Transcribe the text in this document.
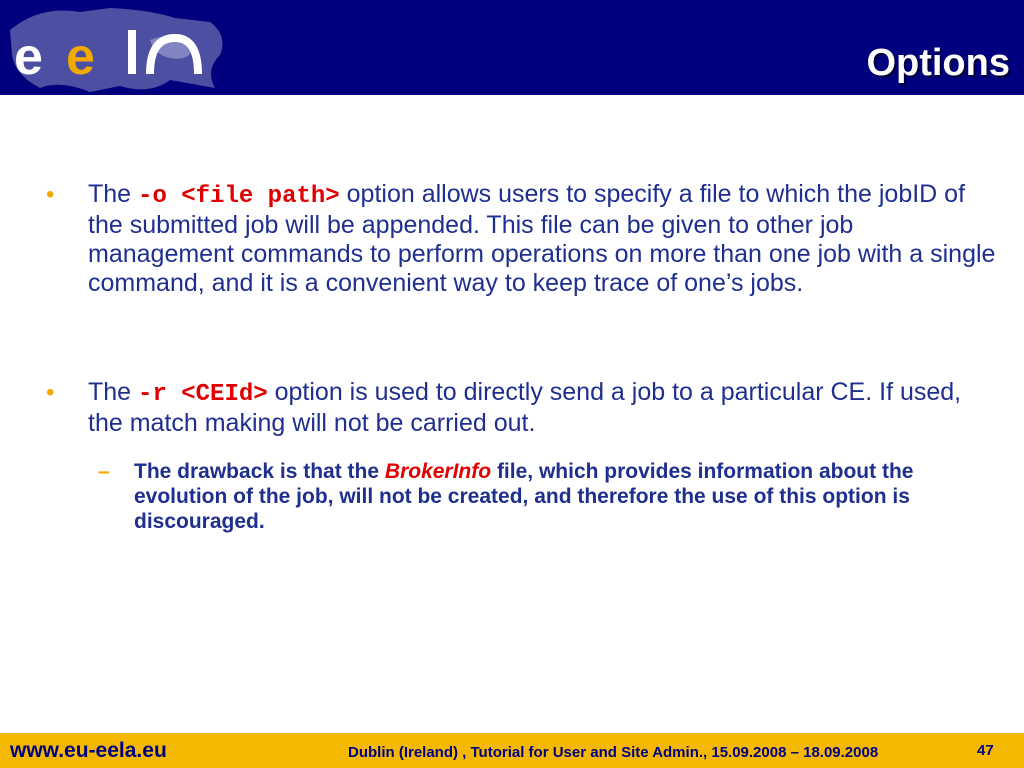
e e	Options

• The -o <file path> option allows users to specify a file to which the jobID of the submitted job will be appended. This file can be given to other job management commands to perform operations on more than one job with a single command, and it is a convenient way to keep trace of one’s jobs.

• The -r <CEId> option is used to directly send a job to a particular CE. If used, the match making will not be carried out.

– The drawback is that the BrokerInfo file, which provides information about the evolution of the job, will not be created, and therefore the use of this option is discouraged.

www.eu-eela.eu	Dublin (Ireland) , Tutorial for User and Site Admin., 15.09.2008 – 18.09.2008	47
